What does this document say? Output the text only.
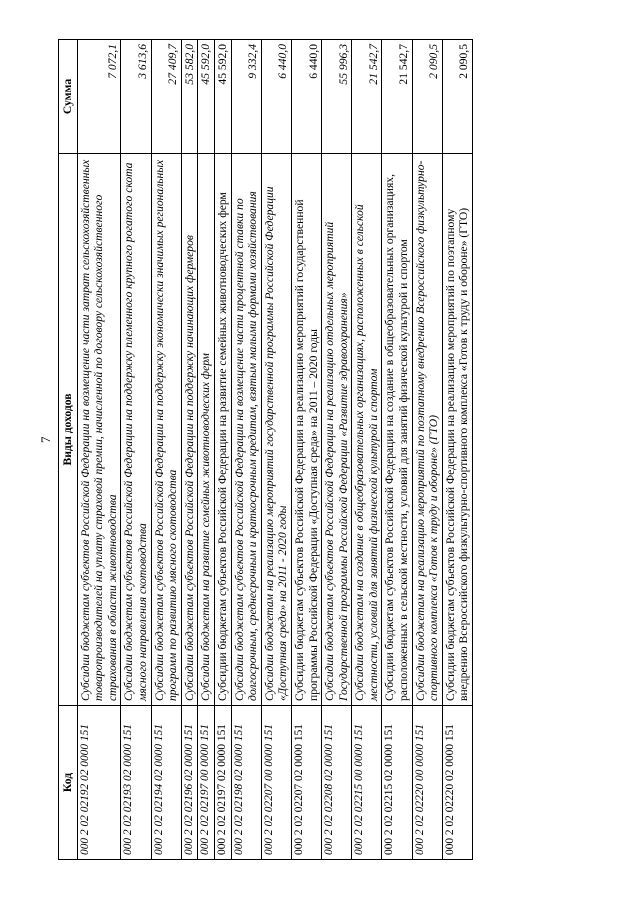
7
Код	Виды доходов	Сумма
000 2 02 02192 02 0000 151	Субсидии бюджетам субъектов Российской Федерации на возмещение части затрат сельскохозяйственных товаропроизводителей на уплату страховой премии, начисленной по договору сельскохозяйственного страхования в области животноводства	7 072,1
000 2 02 02193 02 0000 151	Субсидии бюджетам субъектов Российской Федерации на поддержку племенного крупного рогатого скота мясного направления скотоводства	3 613,6
000 2 02 02194 02 0000 151	Субсидии бюджетам субъектов Российской Федерации на поддержку экономически значимых региональных программ по развитию мясного скотоводства	27 409,7
000 2 02 02196 02 0000 151	Субсидии бюджетам субъектов Российской Федерации на поддержку начинающих фермеров	53 582,0
000 2 02 02197 00 0000 151	Субсидии бюджетам на развитие семейных животноводческих ферм	45 592,0
000 2 02 02197 02 0000 151	Субсидии бюджетам субъектов Российской Федерации на развитие семейных животноводческих ферм	45 592,0
000 2 02 02198 02 0000 151	Субсидии бюджетам субъектов Российской Федерации на возмещение части процентной ставки по долгосрочным, среднесрочным и краткосрочным кредитам, взятым малыми формами хозяйствования	9 332,4
000 2 02 02207 00 0000 151	Субсидии бюджетам на реализацию мероприятий государственной программы Российской Федерации «Доступная среда» на 2011 - 2020 годы	6 440,0
000 2 02 02207 02 0000 151	Субсидии бюджетам субъектов Российской Федерации на реализацию мероприятий государственной программы Российской Федерации «Доступная среда» на 2011 – 2020 годы	6 440,0
000 2 02 02208 02 0000 151	Субсидии бюджетам субъектов Российской Федерации на реализацию отдельных мероприятий Государственной программы Российской Федерации «Развитие здравоохранения»	55 996,3
000 2 02 02215 00 0000 151	Субсидии бюджетам на создание в общеобразовательных организациях, расположенных в сельской местности, условий для занятий физической культурой и спортом	21 542,7
000 2 02 02215 02 0000 151	Субсидии бюджетам субъектов Российской Федерации на создание в общеобразовательных организациях, расположенных в сельской местности, условий для занятий физической культурой и спортом	21 542,7
000 2 02 02220 00 0000 151	Субсидии бюджетам на реализацию мероприятий по поэтапному внедрению Всероссийского физкультурно-спортивного комплекса «Готов к труду и обороне» (ГТО)	2 090,5
000 2 02 02220 02 0000 151	Субсидии бюджетам субъектов Российской Федерации на реализацию мероприятий по поэтапному внедрению Всероссийского физкультурно-спортивного комплекса «Готов к труду и обороне» (ГТО)	2 090,5
